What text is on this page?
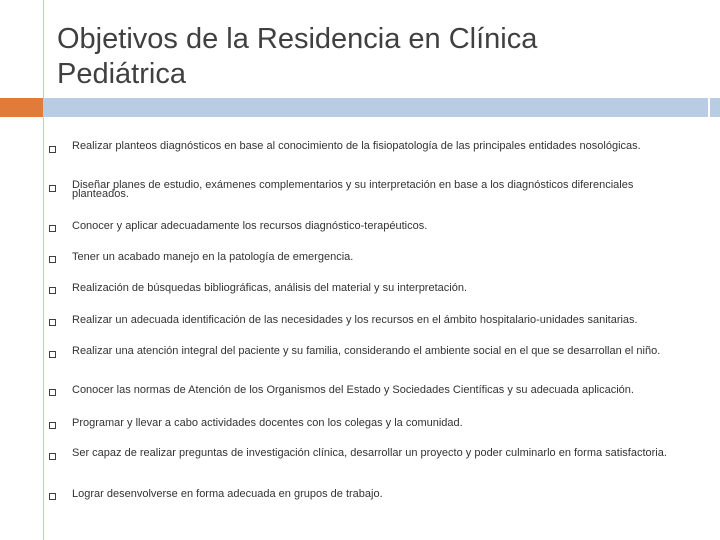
Objetivos de la Residencia en Clínica
Pediátrica
Realizar planteos diagnósticos en base al conocimiento de la fisiopatología de las principales entidades nosológicas.
Diseñar planes de estudio, exámenes complementarios y su interpretación en base a los diagnósticos diferenciales planteados.
Conocer y aplicar adecuadamente los recursos diagnóstico-terapéuticos.
Tener un acabado manejo en la patología de emergencia.
Realización de búsquedas bibliográficas, análisis del material y su interpretación.
Realizar un adecuada identificación de las necesidades y los recursos en el ámbito hospitalario-unidades sanitarias.
Realizar una atención integral del paciente y su familia, considerando el ambiente social en el que se desarrollan el niño.
Conocer las normas de Atención de los Organismos del Estado y Sociedades Científicas y su adecuada aplicación.
Programar y llevar a cabo actividades docentes con los colegas y la comunidad.
Ser capaz de realizar preguntas de investigación clínica, desarrollar un proyecto y poder culminarlo en forma satisfactoria.
Lograr desenvolverse en forma adecuada en grupos de trabajo.
